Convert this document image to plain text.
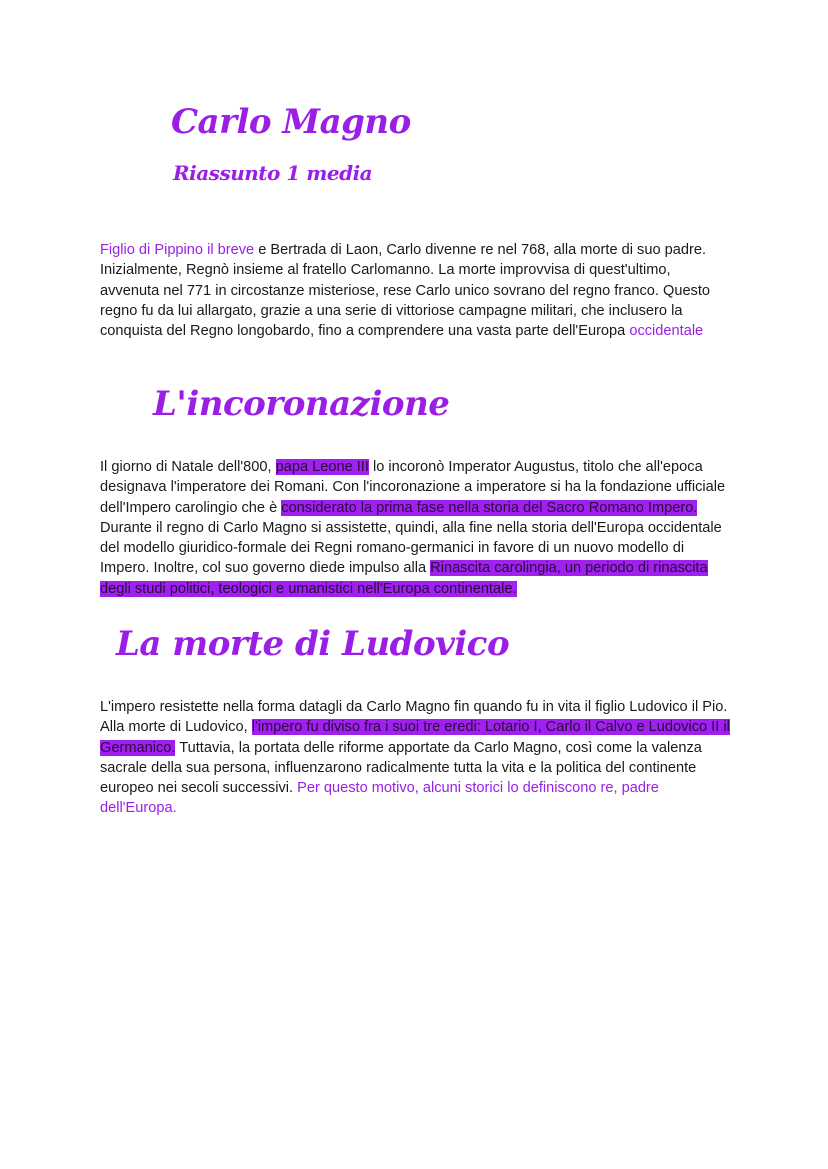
Carlo Magno
Riassunto 1 media

Figlio di Pippino il breve e Bertrada di Laon, Carlo divenne re nel 768, alla morte di suo padre. Inizialmente, Regnò insieme al fratello Carlomanno. La morte improvvisa di quest'ultimo, avvenuta nel 771 in circostanze misteriose, rese Carlo unico sovrano del regno franco. Questo regno fu da lui allargato, grazie a una serie di vittoriose campagne militari, che inclusero la conquista del Regno longobardo, fino a comprendere una vasta parte dell'Europa occidentale

L'incoronazione

Il giorno di Natale dell'800, papa Leone III lo incoronò Imperator Augustus, titolo che all'epoca designava l'imperatore dei Romani. Con l'incoronazione a imperatore si ha la fondazione ufficiale dell'Impero carolingio che è considerato la prima fase nella storia del Sacro Romano Impero. Durante il regno di Carlo Magno si assistette, quindi, alla fine nella storia dell'Europa occidentale del modello giuridico-formale dei Regni romano-germanici in favore di un nuovo modello di Impero. Inoltre, col suo governo diede impulso alla Rinascita carolingia, un periodo di rinascita degli studi politici, teologici e umanistici nell'Europa continentale.

La morte di Ludovico

L'impero resistette nella forma datagli da Carlo Magno fin quando fu in vita il figlio Ludovico il Pio. Alla morte di Ludovico, l'impero fu diviso fra i suoi tre eredi: Lotario I, Carlo il Calvo e Ludovico II il Germanico. Tuttavia, la portata delle riforme apportate da Carlo Magno, così come la valenza sacrale della sua persona, influenzarono radicalmente tutta la vita e la politica del continente europeo nei secoli successivi. Per questo motivo, alcuni storici lo definiscono re, padre dell'Europa.
